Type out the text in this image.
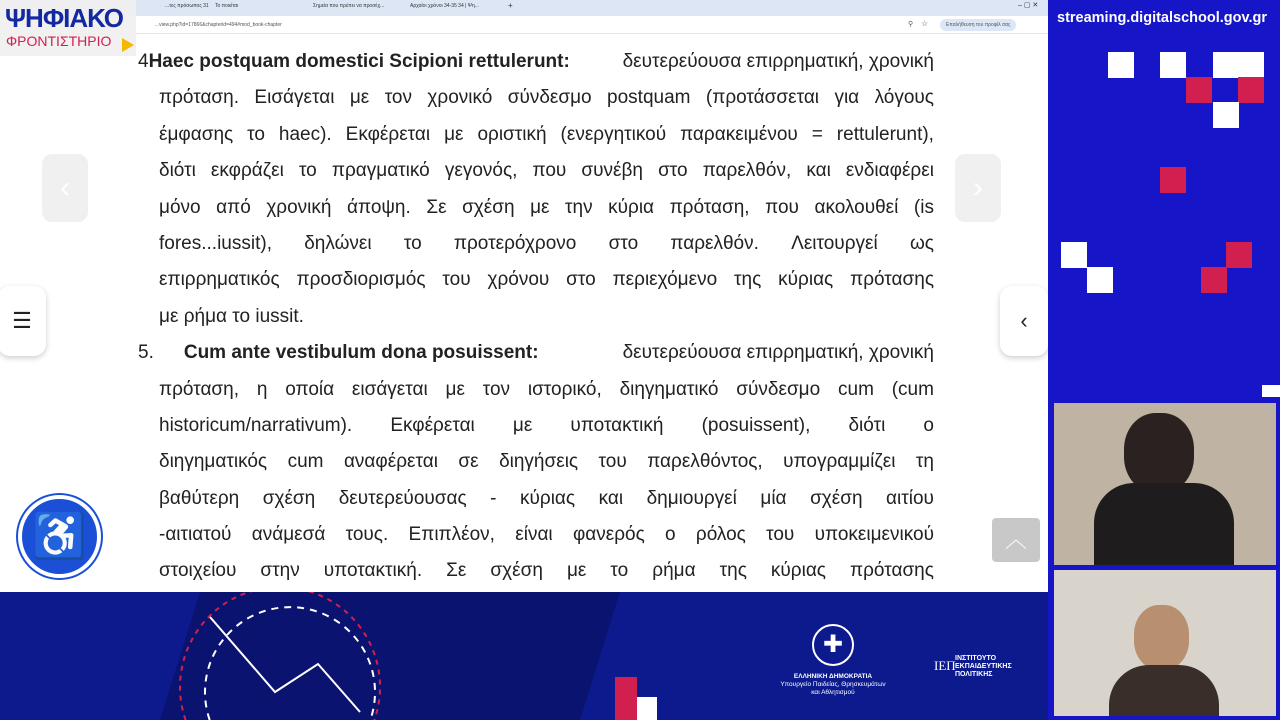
...τες πρόσωπος 31 Το ποιείται	Σημεία που πρέπει να προσέχ...	Αρχαίοι χρόνοι 34-35 34 | Ψη...	+	– ▢ ✕
...view.php?id=17866&chapterid=494#mod_book-chapter	⚲ ☆	Επαλήθευση του προφίλ σας
4 Haec postquam domestici Scipioni rettulerunt:	δευτερεύουσα επιρρηματική, χρονική
πρόταση. Εισάγεται με τον χρονικό σύνδεσμο postquam (προτάσσεται για λόγους
έμφασης το haec). Εκφέρεται με οριστική (ενεργητικού παρακειμένου = rettulerunt),
διότι εκφράζει το πραγματικό γεγονός, που συνέβη στο παρελθόν, και ενδιαφέρει
μόνο από χρονική άποψη. Σε σχέση με την κύρια πρόταση, που ακολουθεί (is
fores...iussit), δηλώνει το προτερόχρονο στο παρελθόν. Λειτουργεί ως
επιρρηματικός προσδιορισμός του χρόνου στο περιεχόμενο της κύριας πρότασης
με ρήμα το iussit.
5. Cum ante vestibulum dona posuissent:	δευτερεύουσα επιρρηματική, χρονική
πρόταση, η οποία εισάγεται με τον ιστορικό, διηγηματικό σύνδεσμο cum (cum
historicum/narrativum). Εκφέρεται με υποτακτική (posuissent), διότι ο
διηγηματικός cum αναφέρεται σε διηγήσεις του παρελθόντος, υπογραμμίζει τη
βαθύτερη σχέση δευτερεύουσας - κύριας και δημιουργεί μία σχέση αιτίου
-αιτιατού ανάμεσά τους. Επιπλέον, είναι φανερός ο ρόλος του υποκειμενικού
στοιχείου στην υποτακτική. Σε σχέση με το ρήμα της κύριας πρότασης
‹	›
☰	‹
♿	︿
ΨΗΦΙΑΚΟ
ΦΡΟΝΤΙΣΤΗΡΙΟ
✚
ΕΛΛΗΝΙΚΗ ΔΗΜΟΚΡΑΤΙΑ
Υπουργείο Παιδείας, Θρησκευμάτων
και Αθλητισμού
ΙΕΠ ΙΝΣΤΙΤΟΥΤΟ
ΕΚΠΑΙΔΕΥΤΙΚΗΣ
ΠΟΛΙΤΙΚΗΣ
streaming.digitalschool.gov.gr
